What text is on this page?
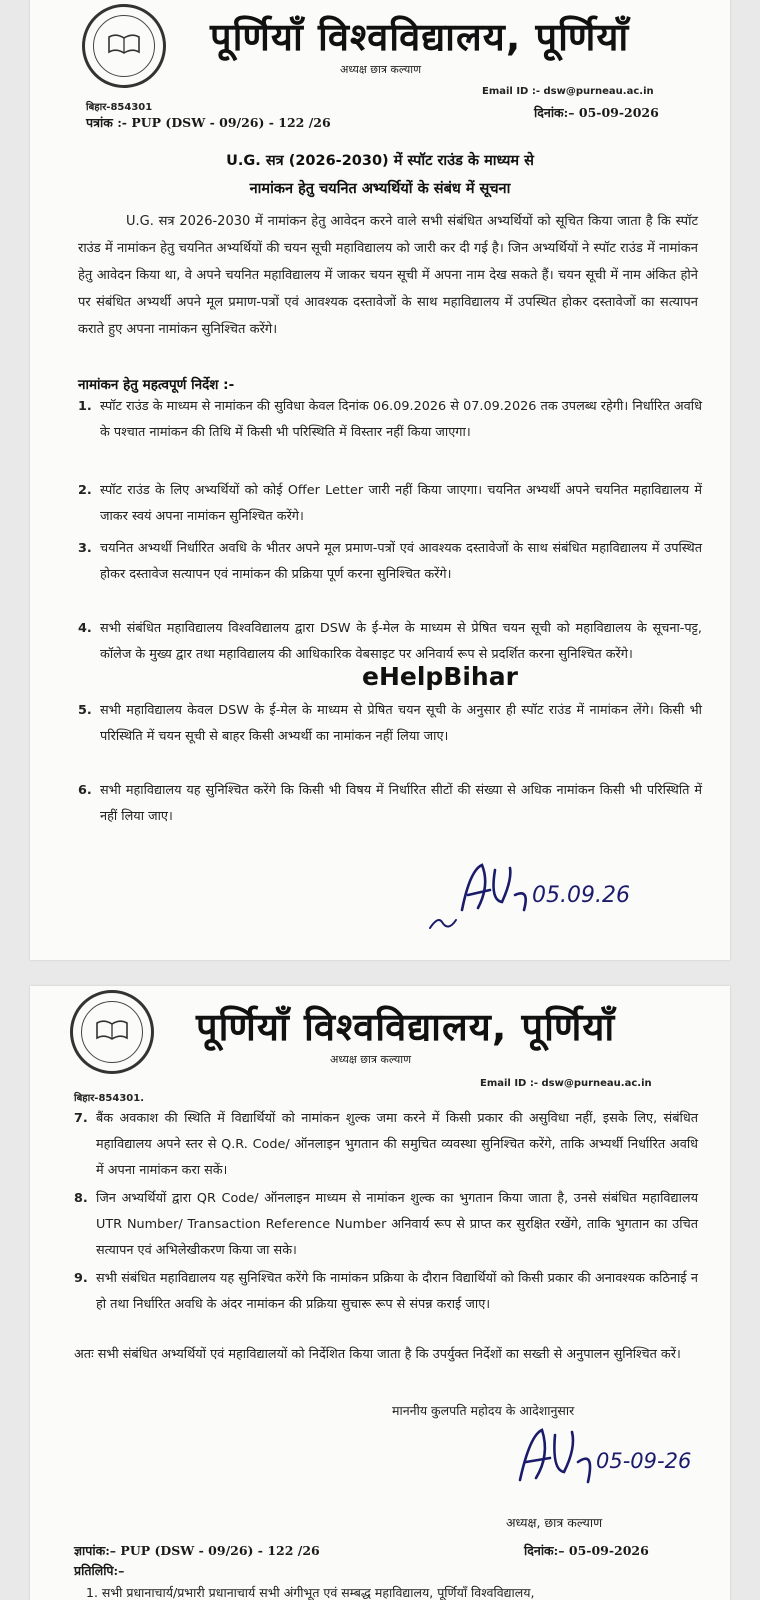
पूर्णियाँ विश्वविद्यालय, पूर्णियाँ
अध्यक्ष छात्र कल्याण
Email ID :- dsw@purneau.ac.in
बिहार-854301
पत्रांक :- PUP (DSW - 09/26) - 122 /26
दिनांक:– 05-09-2026
U.G. सत्र (2026-2030) में स्पॉट राउंड के माध्यम से
नामांकन हेतु चयनित अभ्यर्थियों के संबंध में सूचना
U.G. सत्र 2026-2030 में नामांकन हेतु आवेदन करने वाले सभी संबंधित अभ्यर्थियों को सूचित किया जाता है कि स्पॉट राउंड में नामांकन हेतु चयनित अभ्यर्थियों की चयन सूची महाविद्यालय को जारी कर दी गई है। जिन अभ्यर्थियों ने स्पॉट राउंड में नामांकन हेतु आवेदन किया था, वे अपने चयनित महाविद्यालय में जाकर चयन सूची में अपना नाम देख सकते हैं। चयन सूची में नाम अंकित होने पर संबंधित अभ्यर्थी अपने मूल प्रमाण-पत्रों एवं आवश्यक दस्तावेजों के साथ महाविद्यालय में उपस्थित होकर दस्तावेजों का सत्यापन कराते हुए अपना नामांकन सुनिश्चित करेंगे।
नामांकन हेतु महत्वपूर्ण निर्देश :-
1. स्पॉट राउंड के माध्यम से नामांकन की सुविधा केवल दिनांक 06.09.2026 से 07.09.2026 तक उपलब्ध रहेगी। निर्धारित अवधि के पश्चात नामांकन की तिथि में किसी भी परिस्थिति में विस्तार नहीं किया जाएगा।
2. स्पॉट राउंड के लिए अभ्यर्थियों को कोई Offer Letter जारी नहीं किया जाएगा। चयनित अभ्यर्थी अपने चयनित महाविद्यालय में जाकर स्वयं अपना नामांकन सुनिश्चित करेंगे।
3. चयनित अभ्यर्थी निर्धारित अवधि के भीतर अपने मूल प्रमाण-पत्रों एवं आवश्यक दस्तावेजों के साथ संबंधित महाविद्यालय में उपस्थित होकर दस्तावेज सत्यापन एवं नामांकन की प्रक्रिया पूर्ण करना सुनिश्चित करेंगे।
4. सभी संबंधित महाविद्यालय विश्वविद्यालय द्वारा DSW के ई-मेल के माध्यम से प्रेषित चयन सूची को महाविद्यालय के सूचना-पट्ट, कॉलेज के मुख्य द्वार तथा महाविद्यालय की आधिकारिक वेबसाइट पर अनिवार्य रूप से प्रदर्शित करना सुनिश्चित करेंगे।
5. सभी महाविद्यालय केवल DSW के ई-मेल के माध्यम से प्रेषित चयन सूची के अनुसार ही स्पॉट राउंड में नामांकन लेंगे। किसी भी परिस्थिति में चयन सूची से बाहर किसी अभ्यर्थी का नामांकन नहीं लिया जाए।
6. सभी महाविद्यालय यह सुनिश्चित करेंगे कि किसी भी विषय में निर्धारित सीटों की संख्या से अधिक नामांकन किसी भी परिस्थिति में नहीं लिया जाए।
05.09.26
eHelpBihar
पूर्णियाँ विश्वविद्यालय, पूर्णियाँ
अध्यक्ष छात्र कल्याण
Email ID :- dsw@purneau.ac.in
बिहार-854301.
7. बैंक अवकाश की स्थिति में विद्यार्थियों को नामांकन शुल्क जमा करने में किसी प्रकार की असुविधा नहीं, इसके लिए, संबंधित महाविद्यालय अपने स्तर से Q.R. Code/ ऑनलाइन भुगतान की समुचित व्यवस्था सुनिश्चित करेंगे, ताकि अभ्यर्थी निर्धारित अवधि में अपना नामांकन करा सकें।
8. जिन अभ्यर्थियों द्वारा QR Code/ ऑनलाइन माध्यम से नामांकन शुल्क का भुगतान किया जाता है, उनसे संबंधित महाविद्यालय UTR Number/ Transaction Reference Number अनिवार्य रूप से प्राप्त कर सुरक्षित रखेंगे, ताकि भुगतान का उचित सत्यापन एवं अभिलेखीकरण किया जा सके।
9. सभी संबंधित महाविद्यालय यह सुनिश्चित करेंगे कि नामांकन प्रक्रिया के दौरान विद्यार्थियों को किसी प्रकार की अनावश्यक कठिनाई न हो तथा निर्धारित अवधि के अंदर नामांकन की प्रक्रिया सुचारू रूप से संपन्न कराई जाए।
अतः सभी संबंधित अभ्यर्थियों एवं महाविद्यालयों को निर्देशित किया जाता है कि उपर्युक्त निर्देशों का सख्ती से अनुपालन सुनिश्चित करें।
माननीय कुलपति महोदय के आदेशानुसार
05-09-26
अध्यक्ष, छात्र कल्याण
ज्ञापांक:– PUP (DSW - 09/26) - 122 /26	दिनांक:– 05-09-2026
प्रतिलिपि:–
1. सभी प्रधानाचार्य/प्रभारी प्रधानाचार्य सभी अंगीभूत एवं सम्बद्ध महाविद्यालय, पूर्णियाँ विश्वविद्यालय,
